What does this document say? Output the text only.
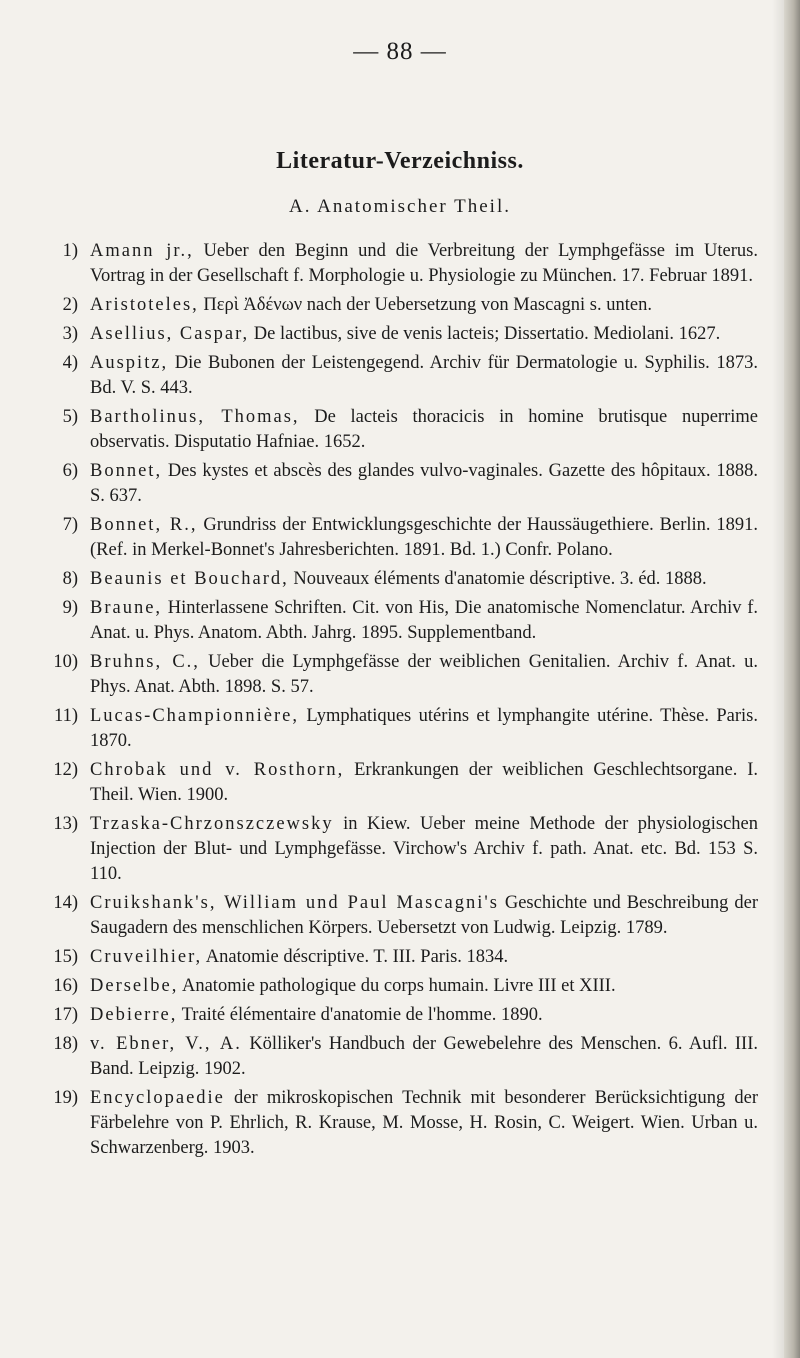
— 88 —
Literatur-Verzeichniss.
A. Anatomischer Theil.
1) Amann jr., Ueber den Beginn und die Verbreitung der Lymphgefässe im Uterus. Vortrag in der Gesellschaft f. Morphologie u. Physiologie zu München. 17. Februar 1891.
2) Aristoteles, Περὶ Ἀδένων nach der Uebersetzung von Mascagni s. unten.
3) Asellius, Caspar, De lactibus, sive de venis lacteis; Dissertatio. Mediolani. 1627.
4) Auspitz, Die Bubonen der Leistengegend. Archiv für Dermatologie u. Syphilis. 1873. Bd. V. S. 443.
5) Bartholinus, Thomas, De lacteis thoracicis in homine brutisque nuperrime observatis. Disputatio Hafniae. 1652.
6) Bonnet, Des kystes et abscès des glandes vulvo-vaginales. Gazette des hôpitaux. 1888. S. 637.
7) Bonnet, R., Grundriss der Entwicklungsgeschichte der Haussäugethiere. Berlin. 1891. (Ref. in Merkel-Bonnet's Jahresberichten. 1891. Bd. 1.) Confr. Polano.
8) Beaunis et Bouchard, Nouveaux éléments d'anatomie déscriptive. 3. éd. 1888.
9) Braune, Hinterlassene Schriften. Cit. von His, Die anatomische Nomenclatur. Archiv f. Anat. u. Phys. Anatom. Abth. Jahrg. 1895. Supplementband.
10) Bruhns, C., Ueber die Lymphgefässe der weiblichen Genitalien. Archiv f. Anat. u. Phys. Anat. Abth. 1898. S. 57.
11) Lucas-Championnière, Lymphatiques utérins et lymphangite utérine. Thèse. Paris. 1870.
12) Chrobak und v. Rosthorn, Erkrankungen der weiblichen Geschlechtsorgane. I. Theil. Wien. 1900.
13) Trzaska-Chrzonszczewsky in Kiew. Ueber meine Methode der physiologischen Injection der Blut- und Lymphgefässe. Virchow's Archiv f. path. Anat. etc. Bd. 153 S. 110.
14) Cruikshank's, William und Paul Mascagni's Geschichte und Beschreibung der Saugadern des menschlichen Körpers. Uebersetzt von Ludwig. Leipzig. 1789.
15) Cruveilhier, Anatomie déscriptive. T. III. Paris. 1834.
16) Derselbe, Anatomie pathologique du corps humain. Livre III et XIII.
17) Debierre, Traité élémentaire d'anatomie de l'homme. 1890.
18) v. Ebner, V., A. Kölliker's Handbuch der Gewebelehre des Menschen. 6. Aufl. III. Band. Leipzig. 1902.
19) Encyclopaedie der mikroskopischen Technik mit besonderer Berücksichtigung der Färbelehre von P. Ehrlich, R. Krause, M. Mosse, H. Rosin, C. Weigert. Wien. Urban u. Schwarzenberg. 1903.
